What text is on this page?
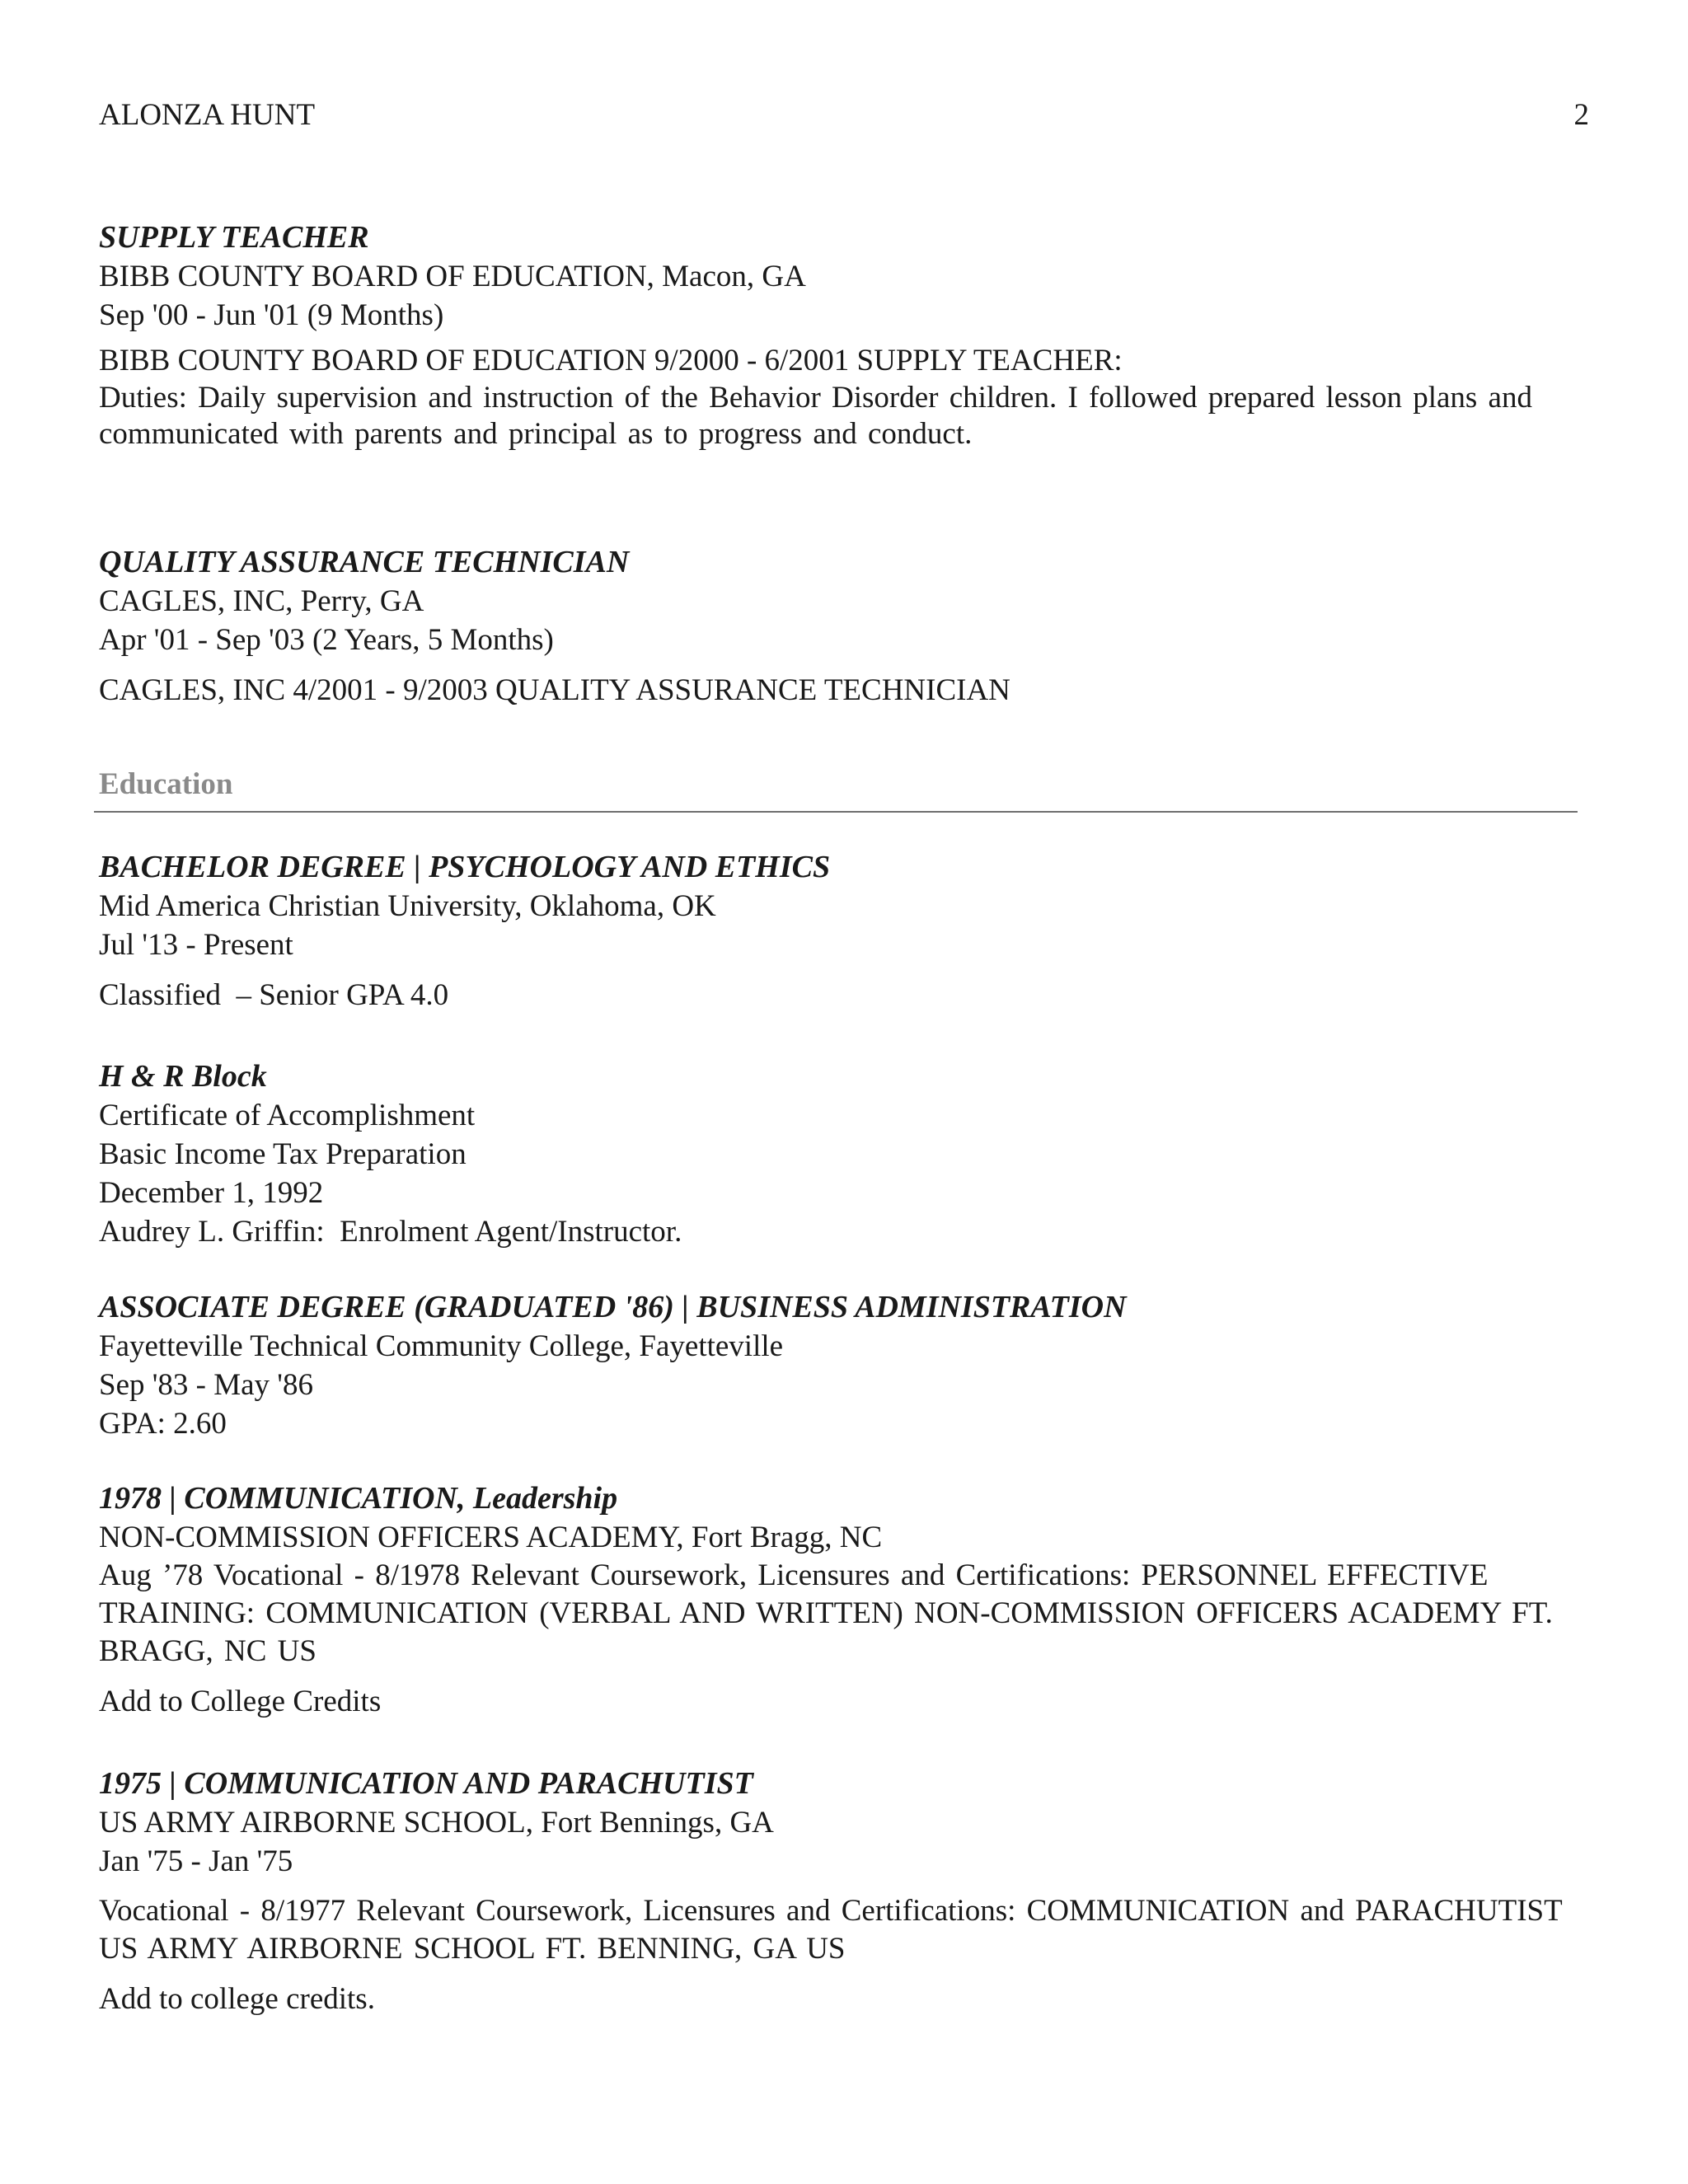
ALONZA HUNT	2

SUPPLY TEACHER

BIBB COUNTY BOARD OF EDUCATION, Macon, GA

Sep '00 - Jun '01 (9 Months)

BIBB COUNTY BOARD OF EDUCATION 9/2000 - 6/2001 SUPPLY TEACHER:

Duties: Daily supervision and instruction of the Behavior Disorder children. I followed prepared lesson plans and communicated with parents and principal as to progress and conduct.

QUALITY ASSURANCE TECHNICIAN

CAGLES, INC, Perry, GA

Apr '01 - Sep '03 (2 Years, 5 Months)

CAGLES, INC 4/2001 - 9/2003 QUALITY ASSURANCE TECHNICIAN

Education

BACHELOR DEGREE | PSYCHOLOGY AND ETHICS

Mid America Christian University, Oklahoma, OK

Jul '13 - Present

Classified  – Senior GPA 4.0

H & R Block

Certificate of Accomplishment

Basic Income Tax Preparation

December 1, 1992

Audrey L. Griffin:  Enrolment Agent/Instructor.

ASSOCIATE DEGREE (GRADUATED '86) | BUSINESS ADMINISTRATION

Fayetteville Technical Community College, Fayetteville

Sep '83 - May '86

GPA: 2.60

1978 | COMMUNICATION, Leadership

NON-COMMISSION OFFICERS ACADEMY, Fort Bragg, NC

Aug ’78 Vocational - 8/1978 Relevant Coursework, Licensures and Certifications: PERSONNEL EFFECTIVE TRAINING: COMMUNICATION (VERBAL AND WRITTEN) NON-COMMISSION OFFICERS ACADEMY FT. BRAGG, NC US

Add to College Credits

1975 | COMMUNICATION AND PARACHUTIST

US ARMY AIRBORNE SCHOOL, Fort Bennings, GA

Jan '75 - Jan '75

Vocational - 8/1977 Relevant Coursework, Licensures and Certifications: COMMUNICATION and PARACHUTIST US ARMY AIRBORNE SCHOOL FT. BENNING, GA US

Add to college credits.
